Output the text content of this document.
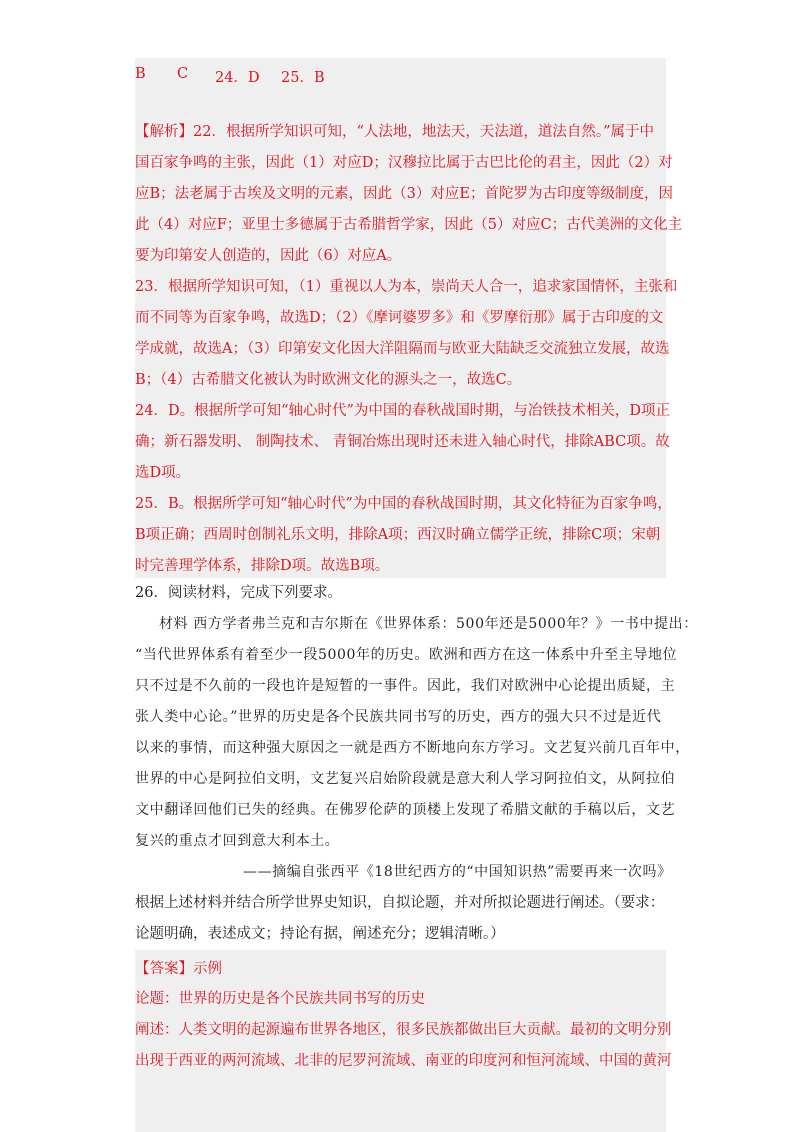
B C 24．D 25．B
【解析】22．根据所学知识可知，“人法地，地法天，天法道，道法自然。”属于中
国百家争鸣的主张，因此（1）对应D；汉穆拉比属于古巴比伦的君主，因此（2）对
应B；法老属于古埃及文明的元素，因此（3）对应E；首陀罗为古印度等级制度，因
此（4）对应F；亚里士多德属于古希腊哲学家，因此（5）对应C；古代美洲的文化主
要为印第安人创造的，因此（6）对应A。
23．根据所学知识可知，（1）重视以人为本，崇尚天人合一，追求家国情怀，主张和
而不同等为百家争鸣，故选D；（2）《摩诃婆罗多》和《罗摩衍那》属于古印度的文
学成就，故选A；（3）印第安文化因大洋阻隔而与欧亚大陆缺乏交流独立发展，故选
B；（4）古希腊文化被认为时欧洲文化的源头之一，故选C。
24．D。根据所学可知“轴心时代”为中国的春秋战国时期，与冶铁技术相关，D项正
确；新石器发明、 制陶技术、 青铜冶炼出现时还未进入轴心时代，排除ABC项。故
选D项。
25．B。根据所学可知“轴心时代”为中国的春秋战国时期，其文化特征为百家争鸣，
B项正确；西周时创制礼乐文明，排除A项；西汉时确立儒学正统，排除C项；宋朝
时完善理学体系，排除D项。故选B项。
26．阅读材料，完成下列要求。
材料 西方学者弗兰克和吉尔斯在《世界体系：500年还是5000年？》一书中提出：
“当代世界体系有着至少一段5000年的历史。欧洲和西方在这一体系中升至主导地位
只不过是不久前的一段也许是短暂的一事件。因此，我们对欧洲中心论提出质疑，主
张人类中心论。”世界的历史是各个民族共同书写的历史，西方的强大只不过是近代
以来的事情，而这种强大原因之一就是西方不断地向东方学习。文艺复兴前几百年中，
世界的中心是阿拉伯文明，文艺复兴启始阶段就是意大利人学习阿拉伯文，从阿拉伯
文中翻译回他们已失的经典。在佛罗伦萨的顶楼上发现了希腊文献的手稿以后，文艺
复兴的重点才回到意大利本土。
——摘编自张西平《18世纪西方的“中国知识热”需要再来一次吗》
根据上述材料并结合所学世界史知识，自拟论题，并对所拟论题进行阐述。（要求：
论题明确，表述成文；持论有据，阐述充分；逻辑清晰。）
【答案】示例
论题：世界的历史是各个民族共同书写的历史
阐述：人类文明的起源遍布世界各地区，很多民族都做出巨大贡献。最初的文明分别
出现于西亚的两河流域、北非的尼罗河流域、南亚的印度河和恒河流域、中国的黄河
